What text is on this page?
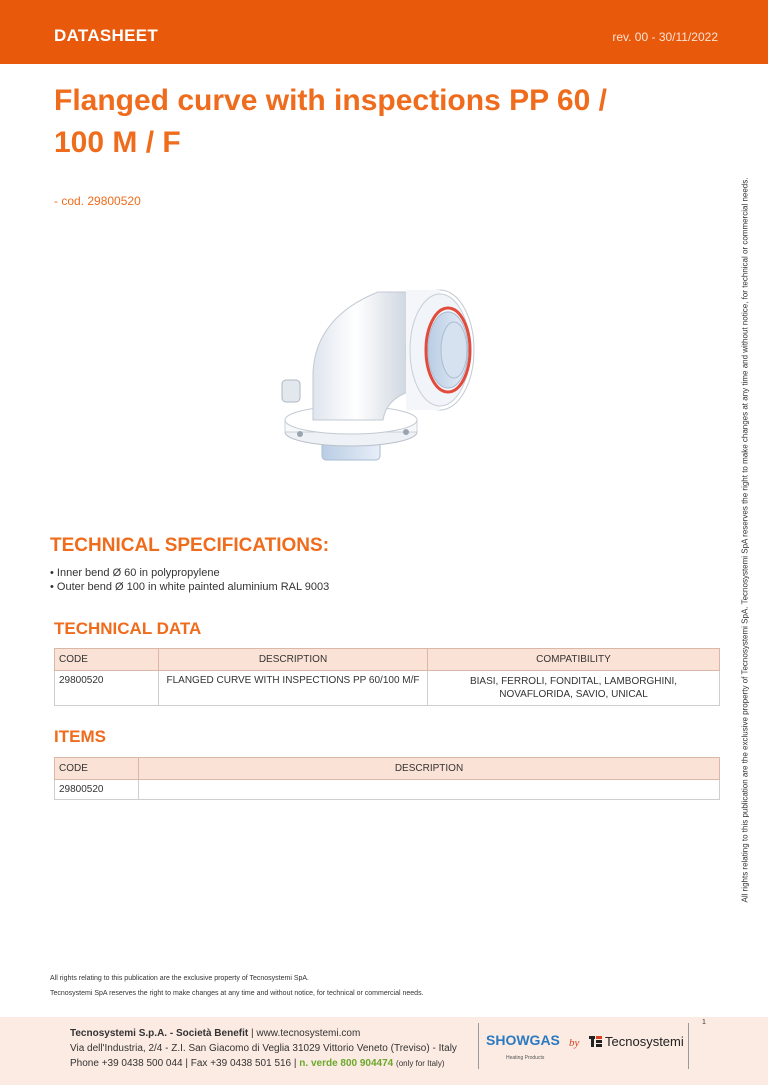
DATASHEET	rev. 00 - 30/11/2022
Flanged curve with inspections PP 60 / 100 M / F
- cod. 29800520
TECHNICAL SPECIFICATIONS:
• Inner bend Ø 60 in polypropylene
• Outer bend Ø 100 in white painted aluminium RAL 9003
TECHNICAL DATA
CODE	DESCRIPTION	COMPATIBILITY
29800520	FLANGED CURVE WITH INSPECTIONS PP 60/100 M/F	BIASI, FERROLI, FONDITAL, LAMBORGHINI, NOVAFLORIDA, SAVIO, UNICAL
ITEMS
CODE	DESCRIPTION
29800520		All rights relating to this publication are the exclusive property of Tecnosystemi SpA. Tecnosystemi SpA reserves the right to make changes at any time and without notice, for technical or commercial needs.
All rights relating to this publication are the exclusive property of Tecnosystemi SpA.
Tecnosystemi SpA reserves the right to make changes at any time and without notice, for technical or commercial needs.
Tecnosystemi S.p.A. - Società Benefit | www.tecnosystemi.com
Via dell'Industria, 2/4 - Z.I. San Giacomo di Veglia 31029 Vittorio Veneto (Treviso) - Italy
Phone +39 0438 500 044 | Fax +39 0438 501 516 | n. verde 800 904474 (only for Italy)
SHOWGAS
Heating Products
by	Tecnosystemi
1
